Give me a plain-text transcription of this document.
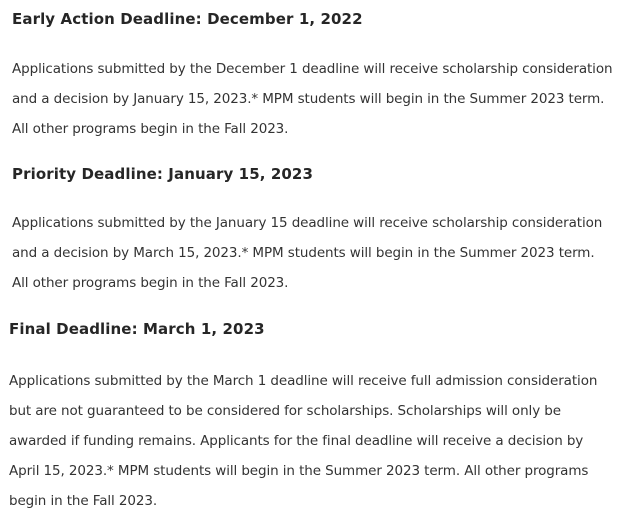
Early Action Deadline: December 1, 2022

Applications submitted by the December 1 deadline will receive scholarship consideration
and a decision by January 15, 2023.* MPM students will begin in the Summer 2023 term.
All other programs begin in the Fall 2023.

Priority Deadline: January 15, 2023

Applications submitted by the January 15 deadline will receive scholarship consideration
and a decision by March 15, 2023.* MPM students will begin in the Summer 2023 term.
All other programs begin in the Fall 2023.

Final Deadline: March 1, 2023

Applications submitted by the March 1 deadline will receive full admission consideration
but are not guaranteed to be considered for scholarships. Scholarships will only be
awarded if funding remains. Applicants for the final deadline will receive a decision by
April 15, 2023.* MPM students will begin in the Summer 2023 term. All other programs
begin in the Fall 2023.
